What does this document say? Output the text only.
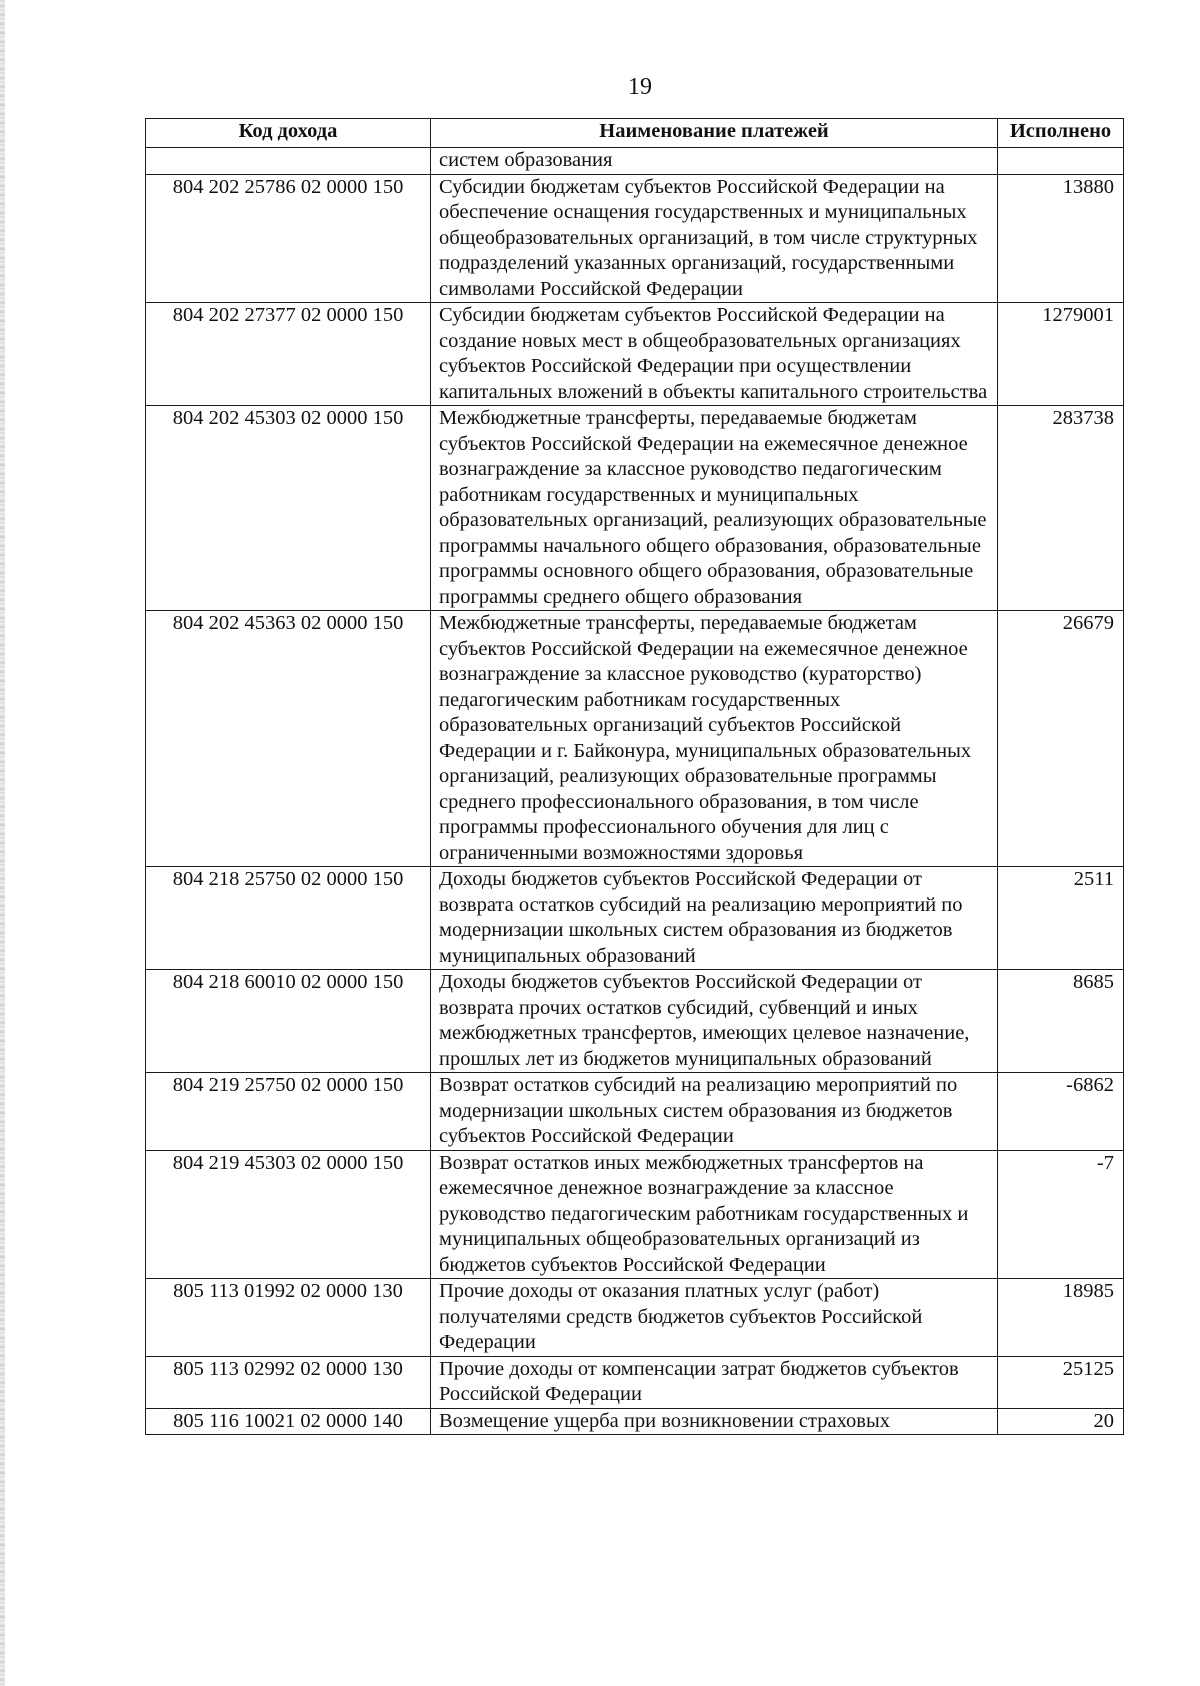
19
Код дохода	Наименование платежей	Исполнено
	систем образования	
804 202 25786 02 0000 150	Субсидии бюджетам субъектов Российской Федерации на обеспечение оснащения государственных и муниципальных общеобразовательных организаций, в том числе структурных подразделений указанных организаций, государственными символами Российской Федерации	13880
804 202 27377 02 0000 150	Субсидии бюджетам субъектов Российской Федерации на создание новых мест в общеобразовательных организациях субъектов Российской Федерации при осуществлении капитальных вложений в объекты капитального строительства	1279001
804 202 45303 02 0000 150	Межбюджетные трансферты, передаваемые бюджетам субъектов Российской Федерации на ежемесячное денежное вознаграждение за классное руководство педагогическим работникам государственных и муниципальных образовательных организаций, реализующих образовательные программы начального общего образования, образовательные программы основного общего образования, образовательные программы среднего общего образования	283738
804 202 45363 02 0000 150	Межбюджетные трансферты, передаваемые бюджетам субъектов Российской Федерации на ежемесячное денежное вознаграждение за классное руководство (кураторство) педагогическим работникам государственных образовательных организаций субъектов Российской Федерации и г. Байконура, муниципальных образовательных организаций, реализующих образовательные программы среднего профессионального образования, в том числе программы профессионального обучения для лиц с ограниченными возможностями здоровья	26679
804 218 25750 02 0000 150	Доходы бюджетов субъектов Российской Федерации от возврата остатков субсидий на реализацию мероприятий по модернизации школьных систем образования из бюджетов муниципальных образований	2511
804 218 60010 02 0000 150	Доходы бюджетов субъектов Российской Федерации от возврата прочих остатков субсидий, субвенций и иных межбюджетных трансфертов, имеющих целевое назначение, прошлых лет из бюджетов муниципальных образований	8685
804 219 25750 02 0000 150	Возврат остатков субсидий на реализацию мероприятий по модернизации школьных систем образования из бюджетов субъектов Российской Федерации	-6862
804 219 45303 02 0000 150	Возврат остатков иных межбюджетных трансфертов на ежемесячное денежное вознаграждение за классное руководство педагогическим работникам государственных и муниципальных общеобразовательных организаций из бюджетов субъектов Российской Федерации	-7
805 113 01992 02 0000 130	Прочие доходы от оказания платных услуг (работ) получателями средств бюджетов субъектов Российской Федерации	18985
805 113 02992 02 0000 130	Прочие доходы от компенсации затрат бюджетов субъектов Российской Федерации	25125
805 116 10021 02 0000 140	Возмещение ущерба при возникновении страховых	20
